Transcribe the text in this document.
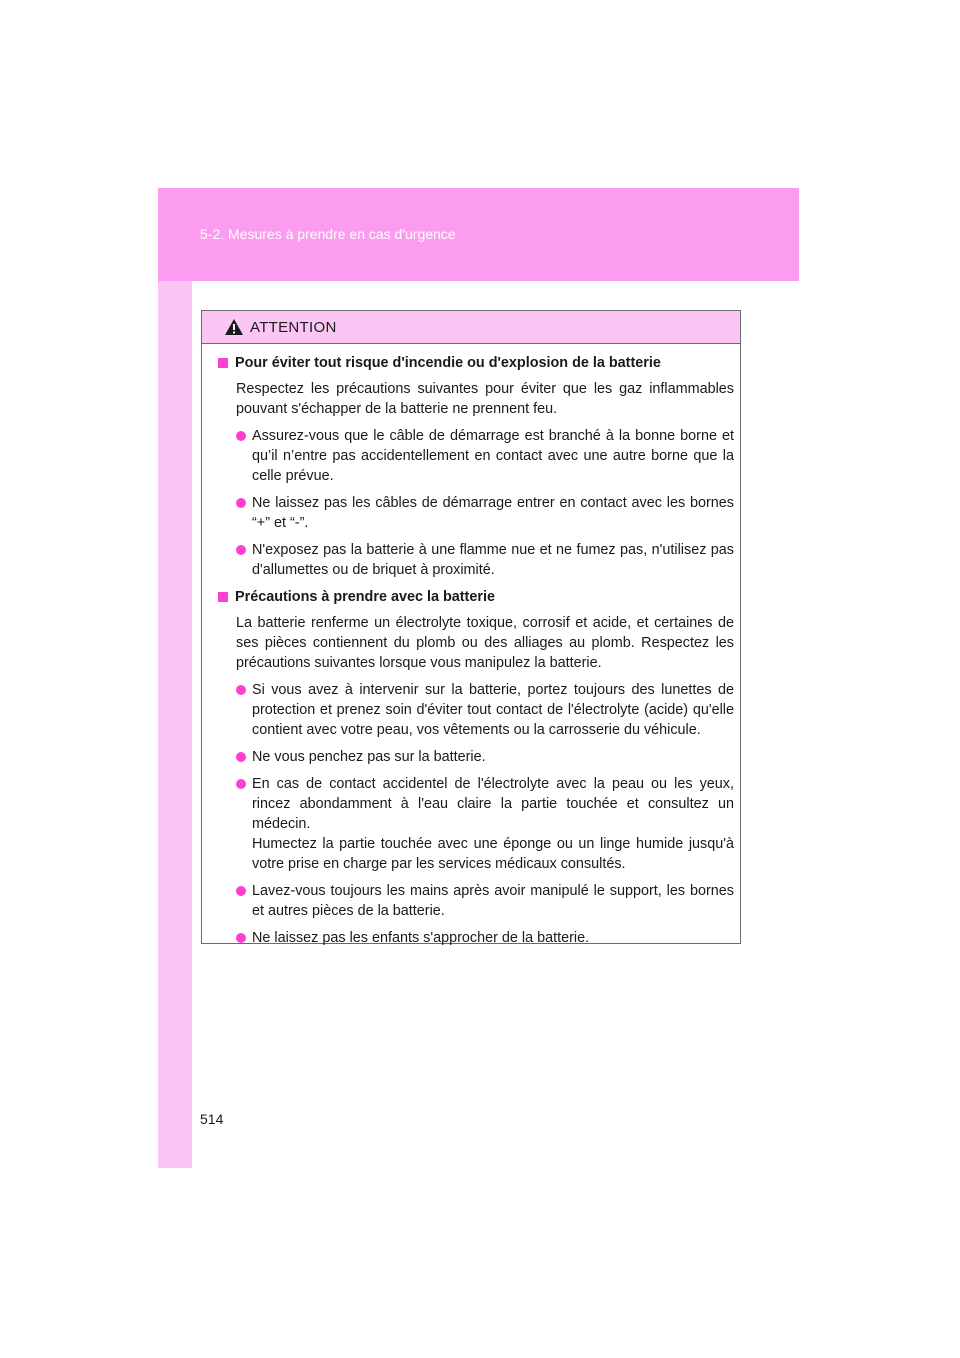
5-2. Mesures à prendre en cas d'urgence
514
ATTENTION
Pour éviter tout risque d'incendie ou d'explosion de la batterie
Respectez les précautions suivantes pour éviter que les gaz inflammables pouvant s'échapper de la batterie ne prennent feu.
Assurez-vous que le câble de démarrage est branché à la bonne borne et qu’il n’entre pas accidentellement en contact avec une autre borne que la celle prévue.
Ne laissez pas les câbles de démarrage entrer en contact avec les bornes “+” et “-”.
N'exposez pas la batterie à une flamme nue et ne fumez pas, n'utilisez pas d'allumettes ou de briquet à proximité.
Précautions à prendre avec la batterie
La batterie renferme un électrolyte toxique, corrosif et acide, et certaines de ses pièces contiennent du plomb ou des alliages au plomb. Respectez les précautions suivantes lorsque vous manipulez la batterie.
Si vous avez à intervenir sur la batterie, portez toujours des lunettes de protection et prenez soin d'éviter tout contact de l'électrolyte (acide) qu'elle contient avec votre peau, vos vêtements ou la carrosserie du véhicule.
Ne vous penchez pas sur la batterie.
En cas de contact accidentel de l'électrolyte avec la peau ou les yeux, rincez abondamment à l'eau claire la partie touchée et consultez un médecin.
Humectez la partie touchée avec une éponge ou un linge humide jusqu'à votre prise en charge par les services médicaux consultés.
Lavez-vous toujours les mains après avoir manipulé le support, les bornes et autres pièces de la batterie.
Ne laissez pas les enfants s'approcher de la batterie.
